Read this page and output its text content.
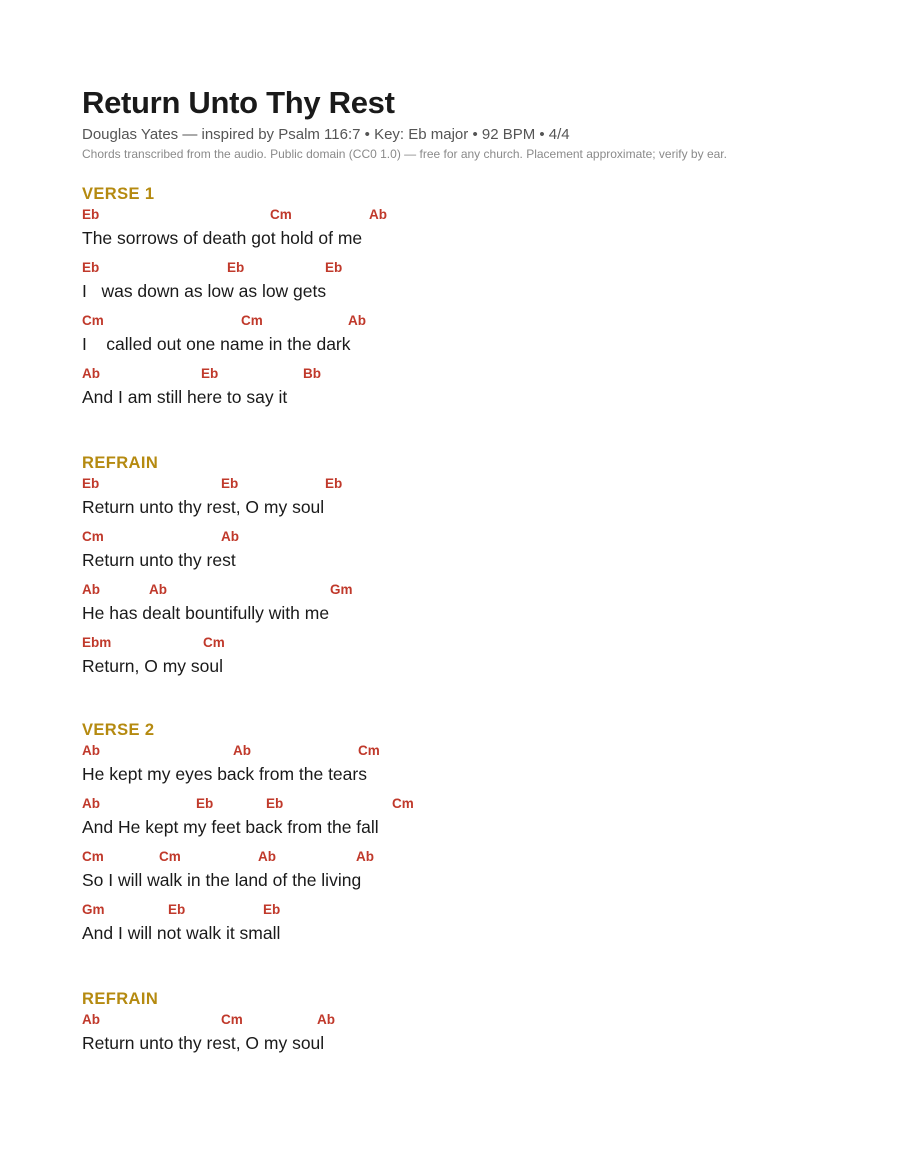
Return Unto Thy Rest
Douglas Yates — inspired by Psalm 116:7 • Key: Eb major • 92 BPM • 4/4
Chords transcribed from the audio. Public domain (CC0 1.0) — free for any church. Placement approximate; verify by ear.
VERSE 1
Eb	Cm	Ab
The sorrows of death got hold of me
Eb	Eb	Eb
I   was down as low as low gets
Cm	Cm	Ab
I    called out one name in the dark
Ab	Eb	Bb
And I am still here to say it
REFRAIN
Eb	Eb	Eb
Return unto thy rest, O my soul
Cm	Ab
Return unto thy rest
Ab	Ab	Gm
He has dealt bountifully with me
Ebm	Cm
Return, O my soul
VERSE 2
Ab	Ab	Cm
He kept my eyes back from the tears
Ab	Eb	Eb	Cm
And He kept my feet back from the fall
Cm	Cm	Ab	Ab
So I will walk in the land of the living
Gm	Eb	Eb
And I will not walk it small
REFRAIN
Ab	Cm	Ab
Return unto thy rest, O my soul
